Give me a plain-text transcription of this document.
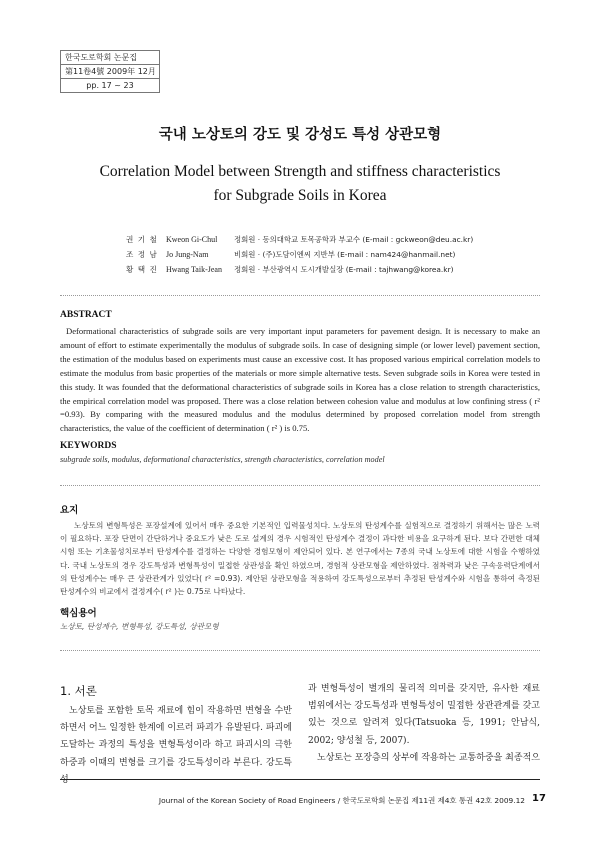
한국도로학회 논문집
第11卷4號 2009年 12月
pp. 17 ~ 23
국내 노상토의 강도 및 강성도 특성 상관모형
Correlation Model between Strength and stiffness characteristics
for Subgrade Soils in Korea
권 기 철	Kweon Gi-Chul	정회원 · 동의대학교 토목공학과 부교수 (E-mail : gckweon@deu.ac.kr)
조 정 남	Jo Jung-Nam	비회원 · (주)도담이엔씨 지반부 (E-mail : nam424@hanmail.net)
황 택 진	Hwang Taik-Jean	정회원 · 부산광역시 도시개발실장 (E-mail : tajhwang@korea.kr)
ABSTRACT
Deformational characteristics of subgrade soils are very important input parameters for pavement design. It is necessary to make an amount of effort to estimate experimentally the modulus of subgrade soils. In case of designing simple (or lower level) pavement section, the estimation of the modulus based on experiments must cause an excessive cost. It has proposed various empirical correlation models to estimate the modulus from basic properties of the materials or more simple alternative tests. Seven subgrade soils in Korea were tested in this study. It was founded that the deformational characteristics of subgrade soils in Korea has a close relation to strength characteristics, the empirical correlation model was proposed. There was a close relation between cohesion value and modulus at low confining stress ( r² =0.93). By comparing with the measured modulus and the modulus determined by proposed correlation model from strength characteristics, the value of the coefficient of determination ( r² ) is 0.75.
KEYWORDS
subgrade soils, modulus, deformational characteristics, strength characteristics, correlation model
요지
노상토의 변형특성은 포장설계에 있어서 매우 중요한 기본적인 입력물성치다. 노상토의 탄성계수를 실험적으로 결정하기 위해서는 많은 노력이 필요하다. 포장 단면이 간단하거나 중요도가 낮은 도로 설계의 경우 시험적인 탄성계수 결정이 과다한 비용을 요구하게 된다. 보다 간편한 대체시험 또는 기초물성치로부터 탄성계수를 결정하는 다양한 경험모형이 제안되어 있다. 본 연구에서는 7종의 국내 노상토에 대한 시험을 수행하였다. 국내 노상토의 경우 강도특성과 변형특성이 밀접한 상관성을 확인 하였으며, 경험적 상관모형을 제안하였다. 점착력과 낮은 구속응력단계에서의 탄성계수는 매우 큰 상관관계가 있었다( r² =0.93). 제안된 상관모형을 적용하여 강도특성으로부터 추정된 탄성계수와 시험을 통하여 측정된 탄성계수의 비교에서 결정계수( r² )는 0.75로 나타났다.
핵심용어
노상토, 탄성계수, 변형특성, 강도특성, 상관모형
1. 서론
노상토를 포함한 토목 재료에 힘이 작용하면 변형을 수반하면서 어느 일정한 한계에 이르러 파괴가 유발된다. 파괴에 도달하는 과정의 특성을 변형특성이라 하고 파괴시의 극한하중과 이때의 변형를 크기를 강도특성이라 부른다. 강도특성
과 변형특성이 별개의 물리적 의미를 갖지만, 유사한 재료 범위에서는 강도특성과 변형특성이 밀접한 상관관계를 갖고 있는 것으로 알려져 있다(Tatsuoka 등, 1991; 안남식, 2002; 양성철 등, 2007).
노상토는 포장층의 상부에 작용하는 교통하중을 최종적으
Journal of the Korean Society of Road Engineers / 한국도로학회 논문집 제11권 제4호 통권 42호 2009.12 17
